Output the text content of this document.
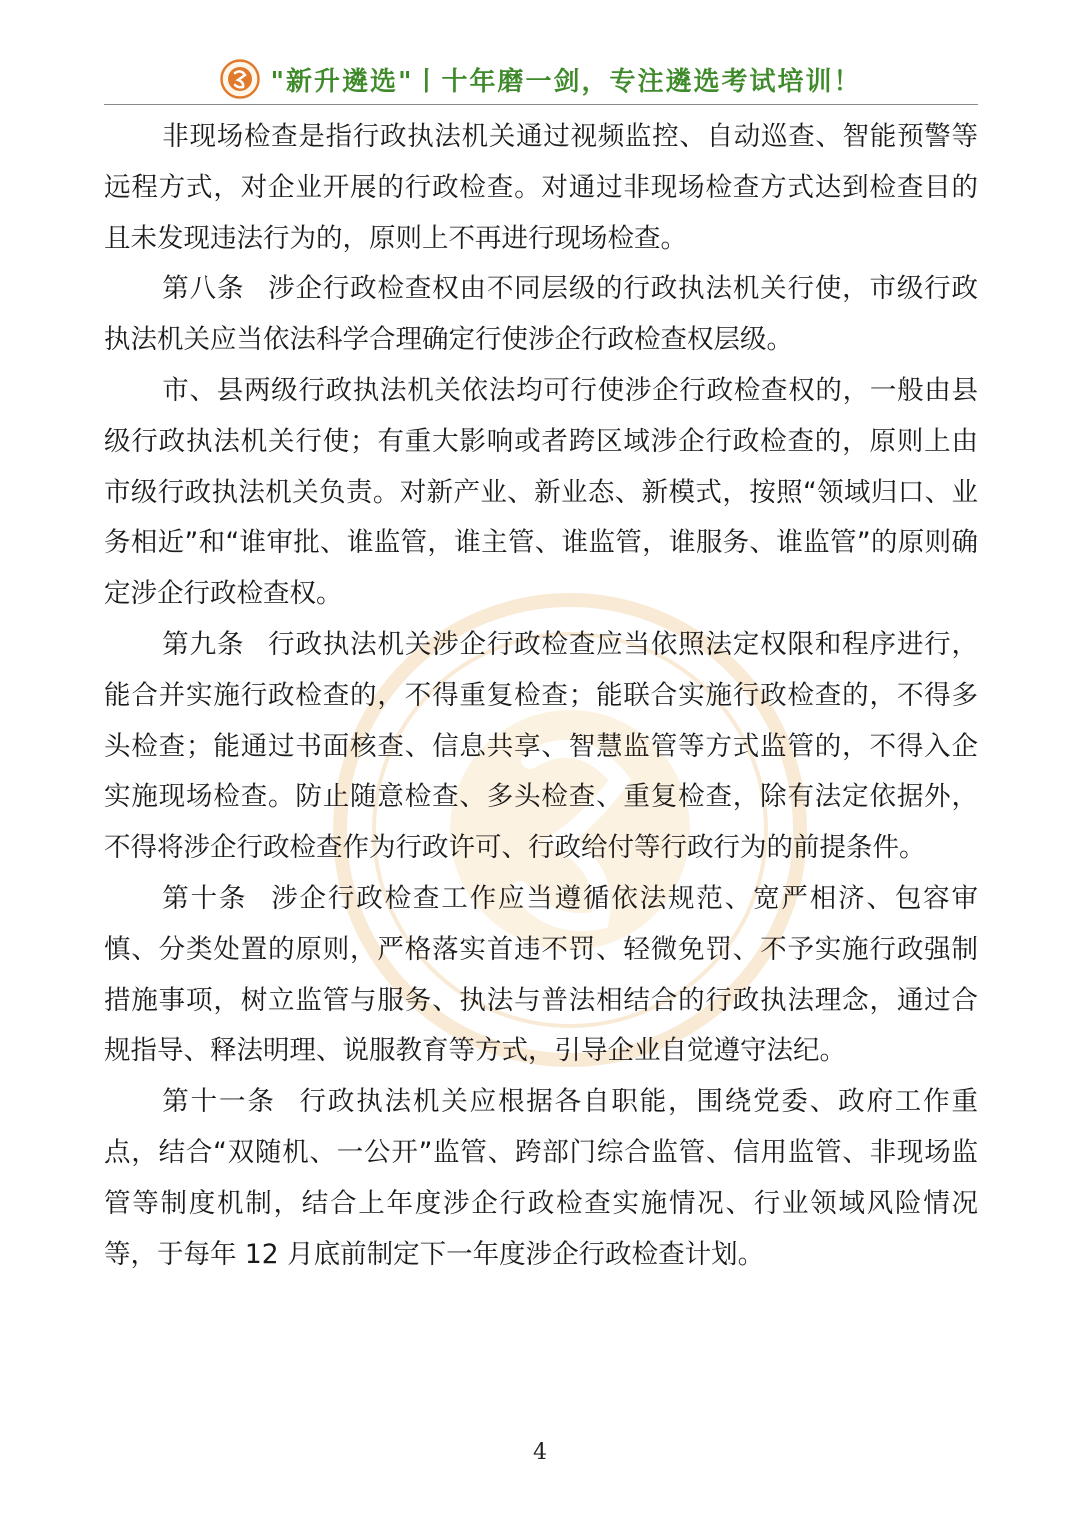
"新升遴选"丨十年磨一剑，专注遴选考试培训！

非现场检查是指行政执法机关通过视频监控、自动巡查、智能预警等远程方式，对企业开展的行政检查。对通过非现场检查方式达到检查目的且未发现违法行为的，原则上不再进行现场检查。

第八条 涉企行政检查权由不同层级的行政执法机关行使，市级行政执法机关应当依法科学合理确定行使涉企行政检查权层级。

市、县两级行政执法机关依法均可行使涉企行政检查权的，一般由县级行政执法机关行使；有重大影响或者跨区域涉企行政检查的，原则上由市级行政执法机关负责。对新产业、新业态、新模式，按照“领域归口、业务相近”和“谁审批、谁监管，谁主管、谁监管，谁服务、谁监管”的原则确定涉企行政检查权。

第九条 行政执法机关涉企行政检查应当依照法定权限和程序进行，能合并实施行政检查的，不得重复检查；能联合实施行政检查的，不得多头检查；能通过书面核查、信息共享、智慧监管等方式监管的，不得入企实施现场检查。防止随意检查、多头检查、重复检查，除有法定依据外，不得将涉企行政检查作为行政许可、行政给付等行政行为的前提条件。

第十条 涉企行政检查工作应当遵循依法规范、宽严相济、包容审慎、分类处置的原则，严格落实首违不罚、轻微免罚、不予实施行政强制措施事项，树立监管与服务、执法与普法相结合的行政执法理念，通过合规指导、释法明理、说服教育等方式，引导企业自觉遵守法纪。

第十一条 行政执法机关应根据各自职能，围绕党委、政府工作重点，结合“双随机、一公开”监管、跨部门综合监管、信用监管、非现场监管等制度机制，结合上年度涉企行政检查实施情况、行业领域风险情况等，于每年 12 月底前制定下一年度涉企行政检查计划。

4
